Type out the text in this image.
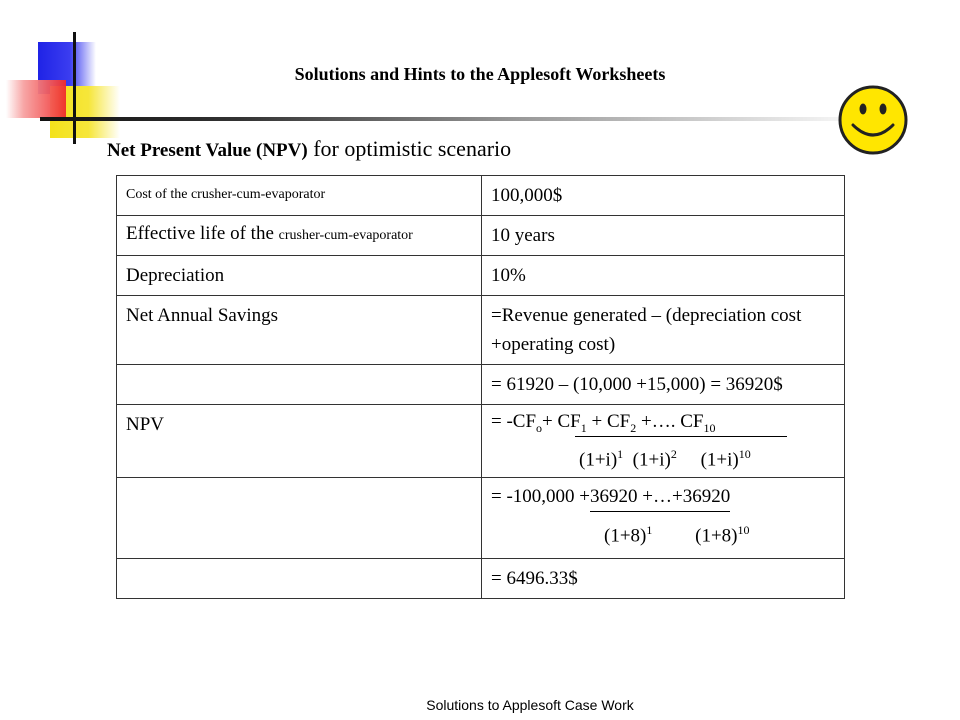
Solutions and Hints to the Applesoft Worksheets
Net Present Value (NPV) for optimistic scenario
Cost of the crusher-cum-evaporator	100,000$
Effective life of the crusher-cum-evaporator	10 years
Depreciation	10%
Net Annual Savings	=Revenue generated – (depreciation cost +operating cost)
	= 61920 – (10,000 +15,000) = 36920$
NPV	= $-CF_o+ CF_1 + CF_2$ +…. $CF_{10}$
$(1+i)^1$ $(1+i)^2$ $(1+i)^{10}$

	= -100,000 +36920 +…+36920
$(1+8)^1$ $(1+8)^{10}$

	= 6496.33$
Solutions to Applesoft Case Work
